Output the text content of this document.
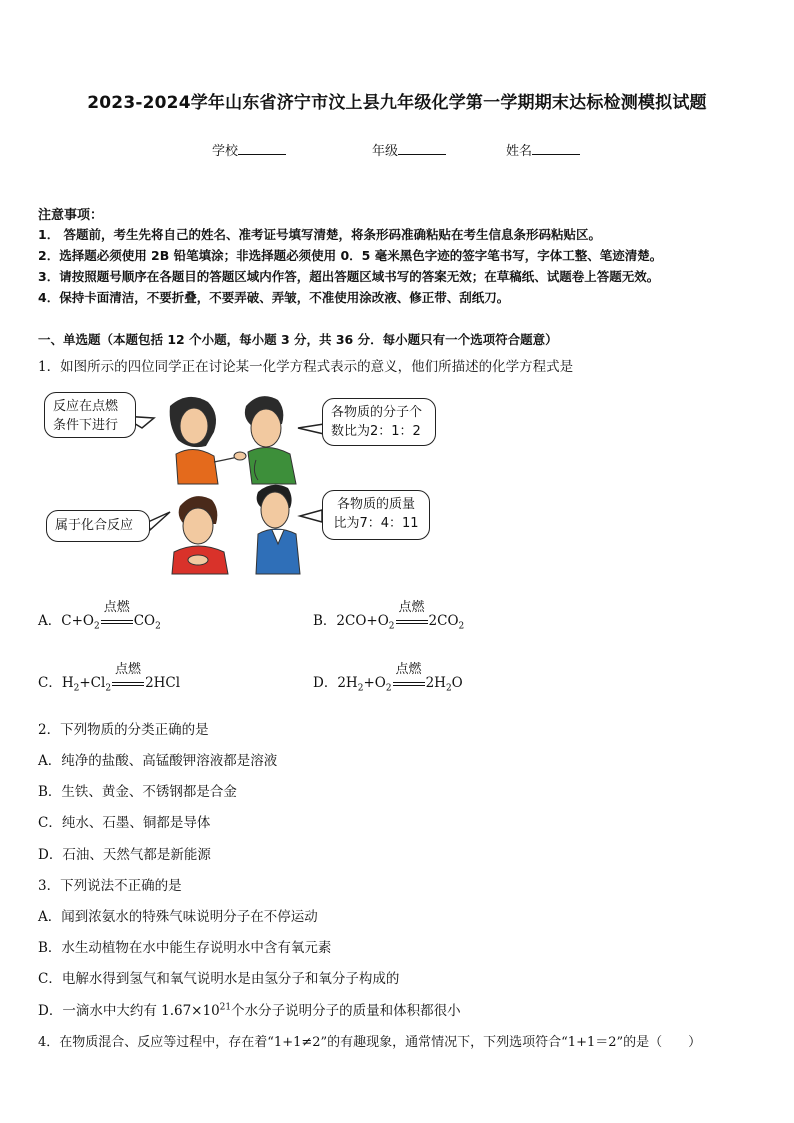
2023-2024学年山东省济宁市汶上县九年级化学第一学期期末达标检测模拟试题
学校	年级	姓名
注意事项：
1． 答题前，考生先将自己的姓名、准考证号填写清楚，将条形码准确粘贴在考生信息条形码粘贴区。
2．选择题必须使用 2B 铅笔填涂；非选择题必须使用 0．5 毫米黑色字迹的签字笔书写，字体工整、笔迹清楚。
3．请按照题号顺序在各题目的答题区域内作答，超出答题区域书写的答案无效；在草稿纸、试题卷上答题无效。
4．保持卡面清洁，不要折叠，不要弄破、弄皱，不准使用涂改液、修正带、刮纸刀。
一、单选题（本题包括 12 个小题，每小题 3 分，共 36 分．每小题只有一个选项符合题意）
1．如图所示的四位同学正在讨论某一化学方程式表示的意义，他们所描述的化学方程式是
反应在点燃
条件下进行
各物质的分子个
数比为2：1：2
属于化合反应
各物质的质量
比为7：4：11
A．$C+O_2$
点燃
$CO_2$	B．$2CO+O_2$
点燃
$2CO_2$
C．$H_2+Cl_2$
点燃
2HCl	D．$2H_2+O_2$
点燃
$2H_2O$
2．下列物质的分类正确的是
A．纯净的盐酸、高锰酸钾溶液都是溶液
B．生铁、黄金、不锈钢都是合金
C．纯水、石墨、铜都是导体
D．石油、天然气都是新能源
3．下列说法不正确的是
A．闻到浓氨水的特殊气味说明分子在不停运动
B．水生动植物在水中能生存说明水中含有氧元素
C．电解水得到氢气和氧气说明水是由氢分子和氧分子构成的
D．一滴水中大约有 $1.67\times 10^{21}$个水分子说明分子的质量和体积都很小
4．在物质混合、反应等过程中，存在着“1+1≠2”的有趣现象，通常情况下，下列选项符合“1+1＝2”的是（　　）
